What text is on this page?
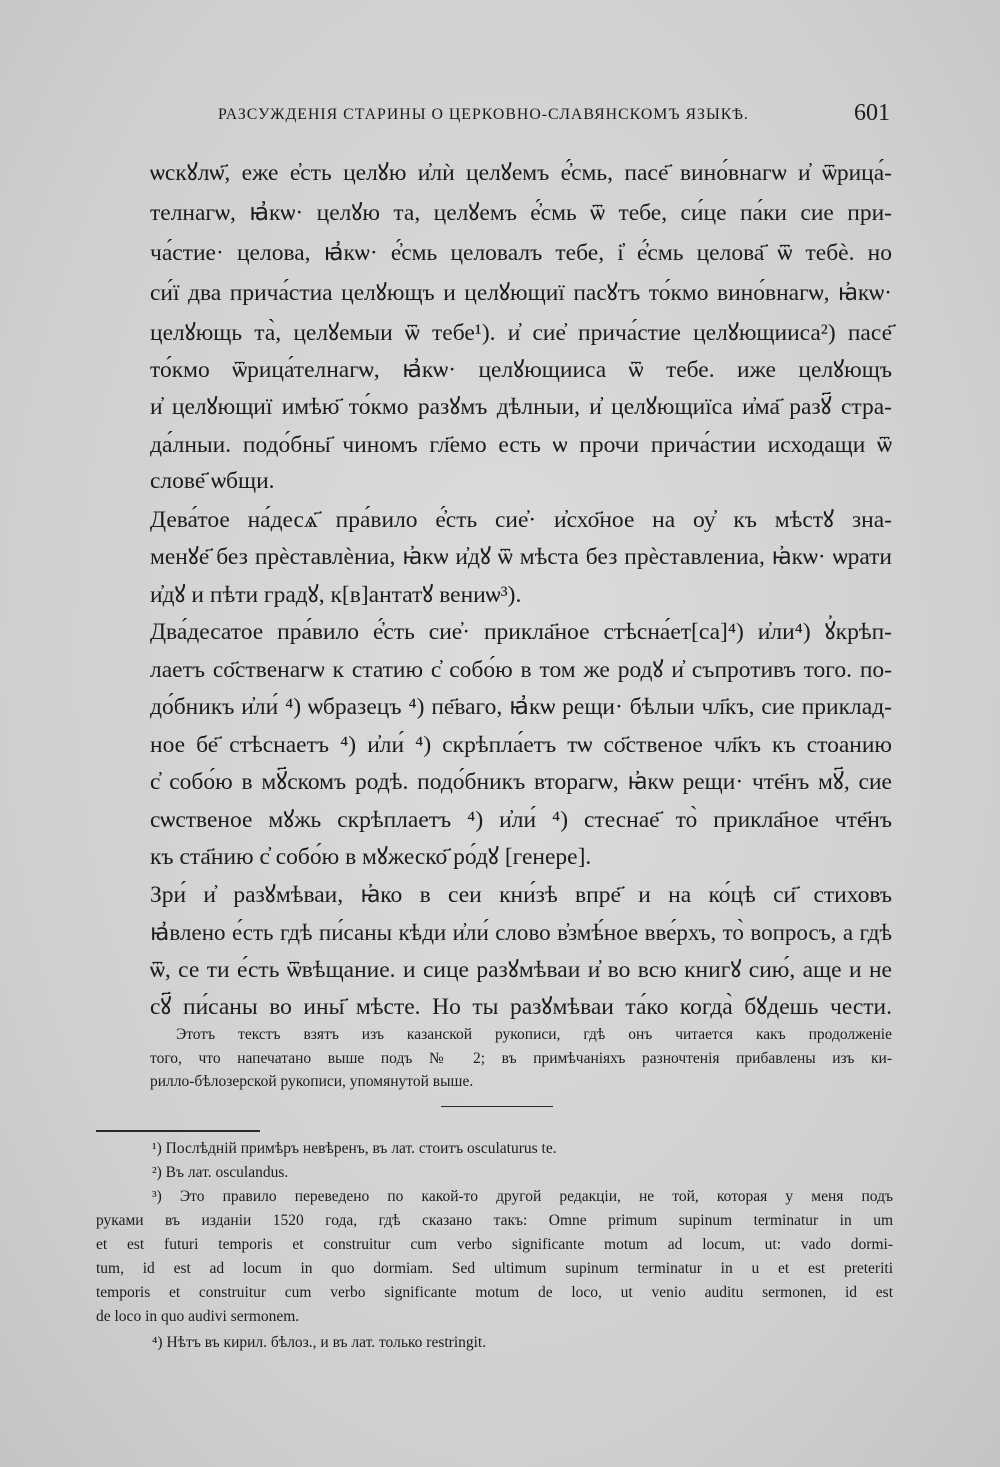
РАЗСУЖДЕНІЯ СТАРИНЫ О ЦЕРКОВНО-СЛАВЯНСКОМЪ ЯЗЫКѢ.	601
ѡскꙋлѡ҃, еже е҆сть целꙋю и҆лѝ целꙋемъ е҆́смь, пасе҃ вино́внагѡ и҆ ѿрица́-
телнагѡ, ꙗ҆кѡ· целꙋю та, целꙋемъ е҆́смь ѿ тебе, си́це па́ки сие при-
ча́стие· целова, ꙗ҆кѡ· е҆́смь целовалъ тебе, і҆ е҆́смь целова҃ ѿ тебѐ. но
си́ї два прича́стиа целꙋющъ и целꙋющиї пасꙋтъ то́кмо вино́внагѡ, ꙗ҆кѡ·
целꙋющь та̀, целꙋемыи ѿ тебе¹). и҆ сие҆ прича́стие целꙋющииса²) пасе҃
то́кмо ѿрица́телнагѡ, ꙗ҆кѡ· целꙋющииса ѿ тебе. иже целꙋющъ
и҆ целꙋющиї имѣю҃ то́кмо разꙋмъ дѣлныи, и҆ целꙋющиїса и҆ма҃ разꙋ҃ стра-
да́лныи. подо́бны҃ чиномъ гл҃емо есть ѡ прочи прича́стии исходащи ѿ
слове҃ ѡбщи.
Дева́тое на́десѧ҃ пра́вило е҆́сть сие҆· и҆схо҃ное на оу҆ къ мѣстꙋ зна-
менꙋе҃ без прѐставлѐниа, ꙗ҆кѡ и҆дꙋ ѿ мѣста без прѐставлениа, ꙗ҆кѡ· ѡрати
и҆дꙋ и пѣти градꙋ, к[в]антатꙋ вениѡ³).
Два́десатое пра́вило е҆́сть сие҆· прикла҃ное стѣсна́ет[са]⁴) и҆ли⁴) ꙋ҆крѣп-
лаетъ со҃ственагѡ к статию с҆ собо́ю в том же родꙋ и҆ съпротивъ того. по-
до́бникъ и҆ли́ ⁴) ѡбразецъ ⁴) пе҃ваго, ꙗ҆кѡ рещи· бѣлыи чл҃къ, сие приклад-
ное бе҃ стѣснаетъ ⁴) и҆ли́ ⁴) скрѣпла́етъ тѡ со҃ственое чл҃къ къ стоанию
с҆ собо́ю в мꙋ҃скомъ родѣ. подо́бникъ вторагѡ, ꙗ҆кѡ рещи· чте҃нъ мꙋ҃, сие
сѡственое мꙋжь скрѣплаетъ ⁴) и҆ли́ ⁴) стеснае҃ то̀ прикла҃ное чте҃нъ
къ ста҃нию с҆ собо́ю в мꙋжеско҃ ро́дꙋ [генере].
Зри́ и҆ разꙋмѣваи, ꙗ҆ко в сеи кни́зѣ впре҃ и на ко́цѣ си҃ стиховъ
ꙗ҆влено е́сть гдѣ пи́саны кѣди и҆ли́ слово в҆змѣ́ное вве́рхъ, то̀ вопросъ, а гдѣ
ѿ, се ти е́сть ѿвѣщание. и сице разꙋмѣваи и҆ во всю книгꙋ сию́, аще и не
сꙋ҃ пи́саны во ины҃ мѣсте. Но ты разꙋмѣваи та́ко когда̀ бꙋдешь чести.
Этотъ текстъ взятъ изъ казанской рукописи, гдѣ онъ читается какъ продолженіе
того, что напечатано выше подъ № 2; въ примѣчаніяхъ разночтенія прибавлены изъ ки-
рилло-бѣлозерской рукописи, упомянутой выше.
¹) Послѣдній примѣръ невѣренъ, въ лат. стоитъ osculaturus te.
²) Въ лат. osculandus.
³) Это правило переведено по какой-то другой редакціи, не той, которая у меня подъ
руками въ изданіи 1520 года, гдѣ сказано такъ: Omne primum supinum terminatur in um
et est futuri temporis et construitur cum verbo significante motum ad locum, ut: vado dormi-
tum, id est ad locum in quo dormiam. Sed ultimum supinum terminatur in u et est preteriti
temporis et construitur cum verbo significante motum de loco, ut venio auditu sermonen, id est
de loco in quo audivi sermonem.
⁴) Нѣтъ въ кирил. бѣлоз., и въ лат. только restringit.
